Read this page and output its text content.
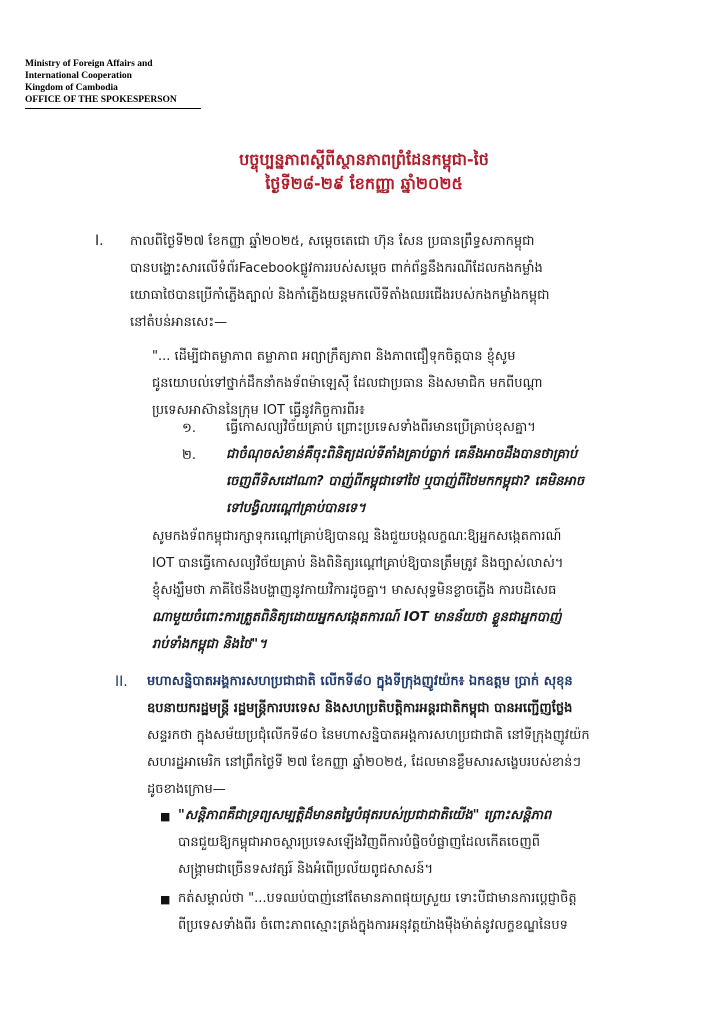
Ministry of Foreign Affairs and
International Cooperation
Kingdom of Cambodia
OFFICE OF THE SPOKESPERSON
បច្ចុប្បន្នភាពស្តីពីស្ថានភាពព្រំដែនកម្ពុជា-ថៃ
ថ្ងៃទី២៨-២៩ ខែកញ្ញា ឆ្នាំ២០២៥
I. កាលពីថ្ងៃទី២៧ ខែកញ្ញា ឆ្នាំ២០២៥, សម្តេចតេជោ ហ៊ុន សែន ប្រធានព្រឹទ្ធសភាកម្ពុជា
បានបង្ហោះសារលើទំព័រFacebookផ្លូវការរបស់សម្តេច ពាក់ព័ន្ធនឹងករណីដែលកងកម្លាំង
យោធាថៃបានប្រើកាំភ្លើងត្បាល់ និងកាំភ្លើងយន្តមកលើទីតាំងឈរជើងរបស់កងកម្លាំងកម្ពុជា
នៅតំបន់អានសេះ—
"... ដើម្បីជាតម្លាភាព តម្លាភាព អព្យាក្រឹត្យភាព និងភាពជឿទុកចិត្តបាន ខ្ញុំសូម
ជូនយោបល់ទៅថ្នាក់ដឹកនាំកងទ័ពម៉ាឡេស៊ី ដែលជាប្រធាន និងសមាជិក មកពីបណ្តា
ប្រទេសអាស៊ាននៃក្រុម IOT ធ្វើនូវកិច្ចការពីរ៖
១. ធ្វើកោសល្យវិច័យគ្រាប់ ព្រោះប្រទេសទាំងពីរមានប្រើគ្រាប់ខុសគ្នា។
២. ជាចំណុចសំខាន់គឺចុះពិនិត្យដល់ទីតាំងគ្រាប់ធ្លាក់ គេនឹងអាចដឹងបានថាគ្រាប់
ចេញពីទិសដៅណា? បាញ់ពីកម្ពុជាទៅថៃ ឬបាញ់ពីថៃមកកម្ពុជា? គេមិនអាច
ទៅបង្វិលរណ្តៅគ្រាប់បានទេ។
សូមកងទ័ពកម្ពុជារក្សាទុករណ្តៅគ្រាប់ឱ្យបានល្អ និងជួយបង្កលក្ខណៈឱ្យអ្នកសង្កេតការណ៍
IOT បានធ្វើកោសល្យវិច័យគ្រាប់ និងពិនិត្យរណ្តៅគ្រាប់ឱ្យបានត្រឹមត្រូវ និងច្បាស់លាស់។
ខ្ញុំសង្ឃឹមថា ភាគីថៃនឹងបង្ហាញនូវកាយវិការដូចគ្នា។ មាសសុទ្ធមិនខ្លាចភ្លើង ការបដិសេធ
ណាមួយចំពោះការត្រួតពិនិត្យដោយអ្នកសង្កេតការណ៍ IOT មានន័យថា ខ្លួនជាអ្នកបាញ់
រាប់ទាំងកម្ពុជា និងថៃ"។
II. មហាសន្និបាតអង្គការសហប្រជាជាតិ លើកទី៨០ ក្នុងទីក្រុងញូវយ៉ក៖ ឯកឧត្តម ប្រាក់ សុខុន
ឧបនាយករដ្ឋមន្ត្រី រដ្ឋមន្ត្រីការបរទេស និងសហប្រតិបត្តិការអន្តរជាតិកម្ពុជា បានអញ្ជើញថ្លែង
សន្ទរកថា ក្នុងសម័យប្រជុំលើកទី៨០ នៃមហាសន្និបាតអង្គការសហប្រជាជាតិ នៅទីក្រុងញូវយ៉ក
សហរដ្ឋអាមេរិក នៅព្រឹកថ្ងៃទី ២៧ ខែកញ្ញា ឆ្នាំ២០២៥, ដែលមានខ្លឹមសារសង្ខេបរបស់ខាន់ៗ
ដូចខាងក្រោម—
■ "សន្តិភាពគឺជាទ្រព្យសម្បត្តិដ៏មានតម្លៃបំផុតរបស់ប្រជាជាតិយើង" ព្រោះសន្តិភាព
បានជួយឱ្យកម្ពុជាអាចស្តារប្រទេសឡើងវិញពីការបំផ្លិចបំផ្លាញដែលកើតចេញពី
សង្គ្រាមជាច្រើនទសវត្សរ៍ និងអំពើប្រល័យពូជសាសន៍។
■ កត់សម្គាល់ថា "...បទឈប់បាញ់នៅតែមានភាពផុយស្រួយ ទោះបីជាមានការប្តេជ្ញាចិត្ត
ពីប្រទេសទាំងពីរ ចំពោះភាពស្មោះត្រង់ក្នុងការអនុវត្តយ៉ាងម៉ឺងម៉ាត់នូវលក្ខខណ្ឌនៃបទ
